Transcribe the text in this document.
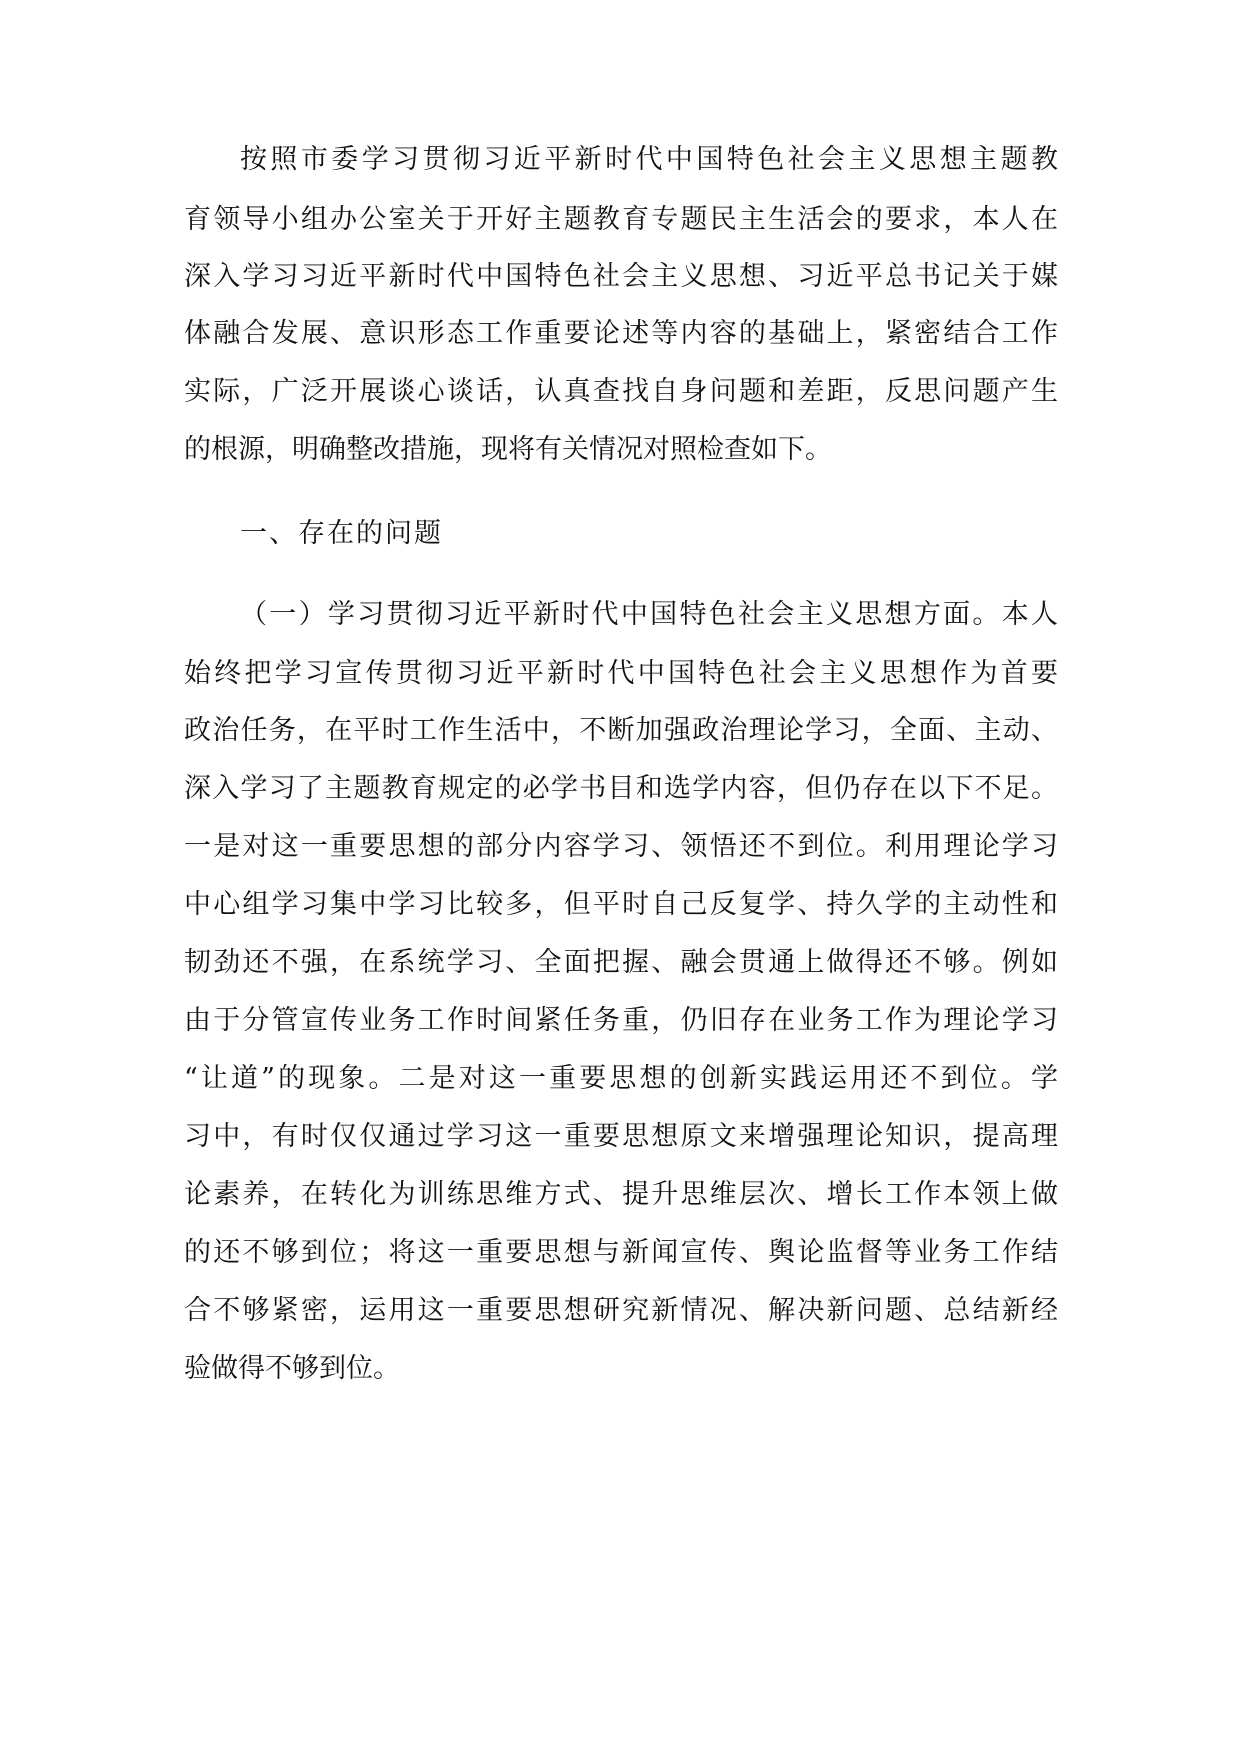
按照市委学习贯彻习近平新时代中国特色社会主义思想主题教
育领导小组办公室关于开好主题教育专题民主生活会的要求，本人在
深入学习习近平新时代中国特色社会主义思想、习近平总书记关于媒
体融合发展、意识形态工作重要论述等内容的基础上，紧密结合工作
实际，广泛开展谈心谈话，认真查找自身问题和差距，反思问题产生
的根源，明确整改措施，现将有关情况对照检查如下。
一、存在的问题
（一）学习贯彻习近平新时代中国特色社会主义思想方面。本人
始终把学习宣传贯彻习近平新时代中国特色社会主义思想作为首要
政治任务，在平时工作生活中，不断加强政治理论学习，全面、主动、
深入学习了主题教育规定的必学书目和选学内容，但仍存在以下不足。
一是对这一重要思想的部分内容学习、领悟还不到位。利用理论学习
中心组学习集中学习比较多，但平时自己反复学、持久学的主动性和
韧劲还不强，在系统学习、全面把握、融会贯通上做得还不够。例如
由于分管宣传业务工作时间紧任务重，仍旧存在业务工作为理论学习
“让道”的现象。二是对这一重要思想的创新实践运用还不到位。学
习中，有时仅仅通过学习这一重要思想原文来增强理论知识，提高理
论素养，在转化为训练思维方式、提升思维层次、增长工作本领上做
的还不够到位；将这一重要思想与新闻宣传、舆论监督等业务工作结
合不够紧密，运用这一重要思想研究新情况、解决新问题、总结新经
验做得不够到位。
